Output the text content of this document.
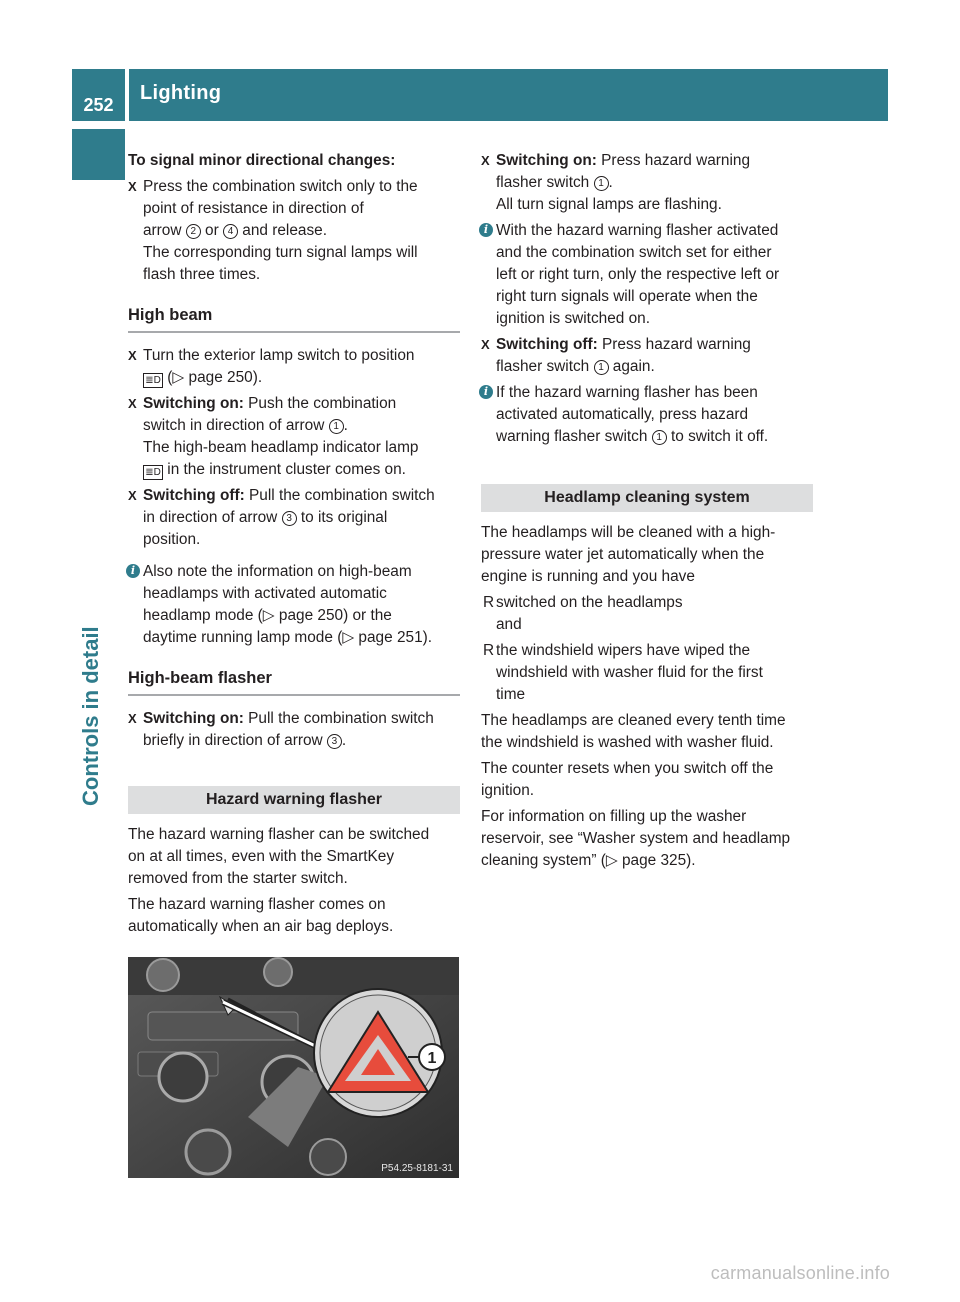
252
Lighting
Controls in detail
To signal minor directional changes:
X Press the combination switch only to the
point of resistance in direction of
arrow 2 or 4 and release.
The corresponding turn signal lamps will
flash three times.
High beam
X Turn the exterior lamp switch to position
≣D (▷ page 250).
X Switching on: Push the combination
switch in direction of arrow 1 .
The high-beam headlamp indicator lamp
≣D in the instrument cluster comes on.
X Switching off: Pull the combination switch
in direction of arrow 3 to its original
position.
i Also note the information on high-beam
headlamps with activated automatic
headlamp mode (▷ page 250) or the
daytime running lamp mode (▷ page 251).
High-beam flasher
X Switching on: Pull the combination switch
briefly in direction of arrow 3 .
Hazard warning flasher
The hazard warning flasher can be switched
on at all times, even with the SmartKey
removed from the starter switch.
The hazard warning flasher comes on
automatically when an air bag deploys.
1
P54.25-8181-31
X Switching on: Press hazard warning
flasher switch 1 .
All turn signal lamps are flashing.
i With the hazard warning flasher activated
and the combination switch set for either
left or right turn, only the respective left or
right turn signals will operate when the
ignition is switched on.
X Switching off: Press hazard warning
flasher switch 1 again.
i If the hazard warning flasher has been
activated automatically, press hazard
warning flasher switch 1 to switch it off.
Headlamp cleaning system
The headlamps will be cleaned with a high-
pressure water jet automatically when the
engine is running and you have
R switched on the headlamps
and
R the windshield wipers have wiped the
windshield with washer fluid for the first
time
The headlamps are cleaned every tenth time
the windshield is washed with washer fluid.
The counter resets when you switch off the
ignition.
For information on filling up the washer
reservoir, see “Washer system and headlamp
cleaning system” (▷ page 325).
carmanualsonline.info
